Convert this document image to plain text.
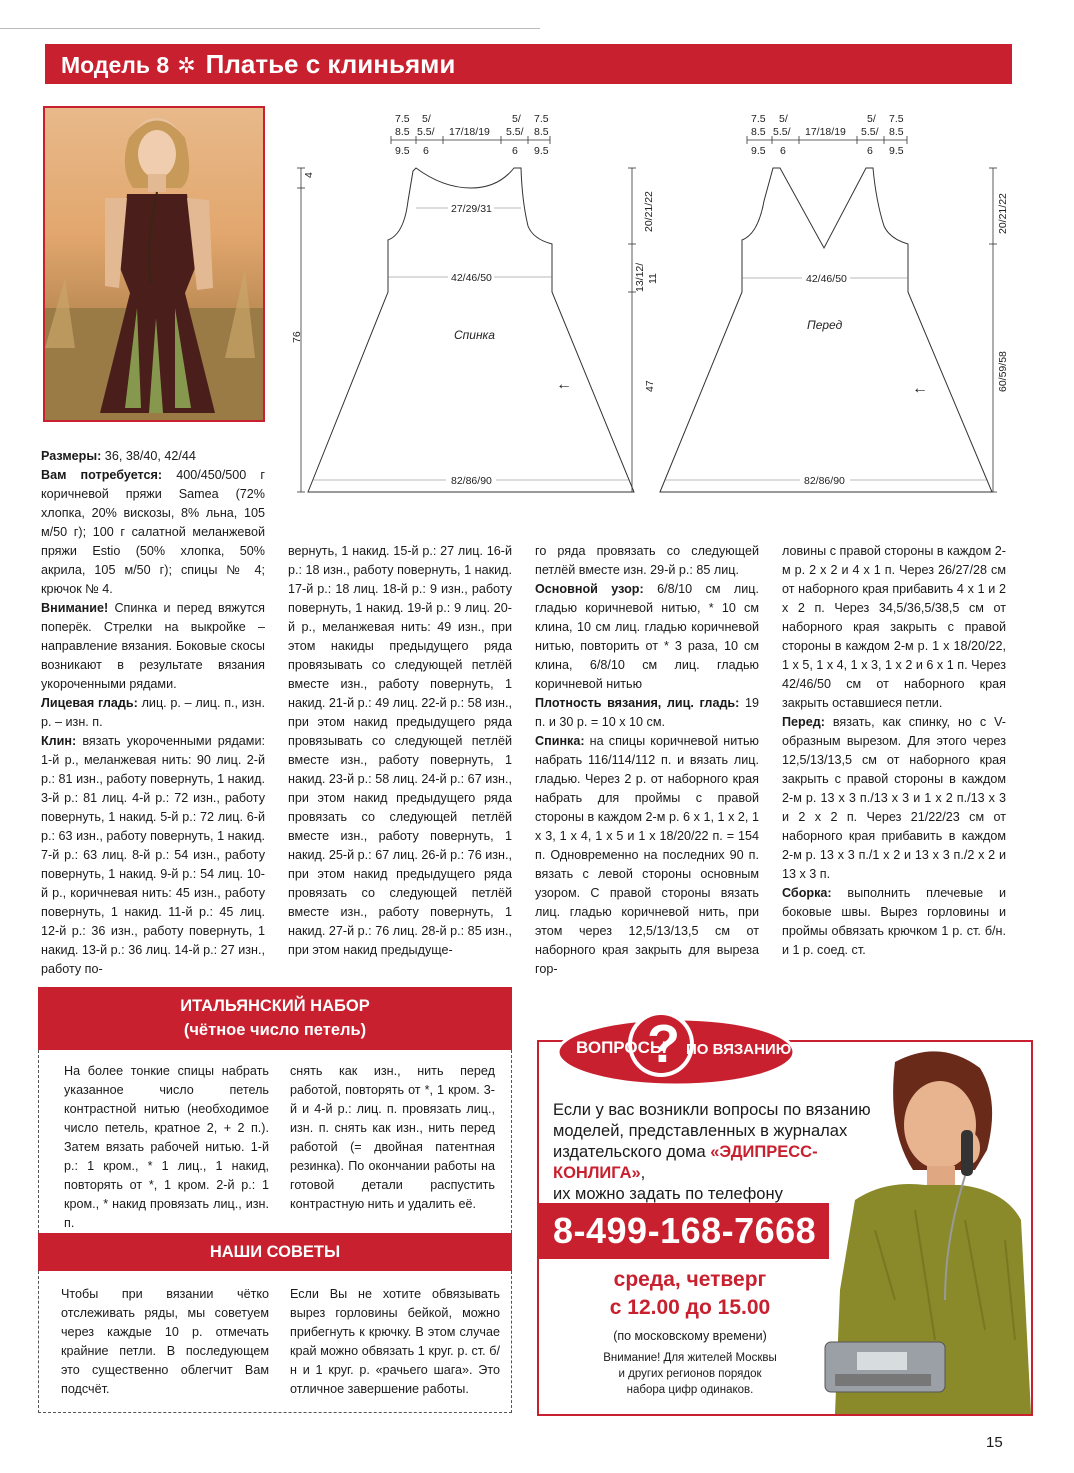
Модель 8 ✲ Платье с клиньями
7.5
8.5
9.5
5/
5.5/
6
17/18/19
5/
5.5/
6
7.5
8.5
9.5
27/29/31
42/46/50
Спинка
82/86/90
←
4
76
20/21/22
13/12/ 11
47
7.5
8.5
9.5
5/
5.5/
6
17/18/19
5/
5.5/
6
7.5
8.5
9.5
42/46/50
Перед
82/86/90
←
20/21/22
60/59/58

Размеры: 36, 38/40, 42/44

Вам потребуется: 400/450/500 г коричневой пряжи Samea (72% хлопка, 20% вискозы, 8% льна, 105 м/50 г); 100 г салатной меланжевой пряжи Estio (50% хлопка, 50% акрила, 105 м/50 г); спицы № 4; крючок № 4.

Внимание! Спинка и перед вяжутся поперёк. Стрелки на выкройке – направление вязания. Боковые скосы возникают в результате вязания укороченными рядами.

Лицевая гладь: лиц. р. – лиц. п., изн. р. – изн. п.

Клин: вязать укороченными рядами: 1-й р., меланжевая нить: 90 лиц. 2-й р.: 81 изн., работу повернуть, 1 накид. 3-й р.: 81 лиц. 4-й р.: 72 изн., работу повернуть, 1 накид. 5-й р.: 72 лиц. 6-й р.: 63 изн., работу повернуть, 1 накид. 7-й р.: 63 лиц. 8-й р.: 54 изн., работу повернуть, 1 накид. 9-й р.: 54 лиц. 10-й р., коричневая нить: 45 изн., работу повернуть, 1 накид. 11-й р.: 45 лиц. 12-й р.: 36 изн., работу повернуть, 1 накид. 13-й р.: 36 лиц. 14-й р.: 27 изн., работу по-

вернуть, 1 накид. 15-й р.: 27 лиц. 16-й р.: 18 изн., работу повернуть, 1 накид. 17-й р.: 18 лиц. 18-й р.: 9 изн., работу повернуть, 1 накид. 19-й р.: 9 лиц. 20-й р., меланжевая нить: 49 изн., при этом накиды предыдущего ряда провязывать со следующей петлёй вместе изн., работу повернуть, 1 накид. 21-й р.: 49 лиц. 22-й р.: 58 изн., при этом накид предыдущего ряда провязывать со следующей петлёй вместе изн., работу повернуть, 1 накид. 23-й р.: 58 лиц. 24-й р.: 67 изн., при этом накид предыдущего ряда провязать со следующей петлёй вместе изн., работу повернуть, 1 накид. 25-й р.: 67 лиц. 26-й р.: 76 изн., при этом накид предыдущего ряда провязать со следующей петлёй вместе изн., работу повернуть, 1 накид. 27-й р.: 76 лиц. 28-й р.: 85 изн., при этом накид предыдуще-

го ряда провязать со следующей петлёй вместе изн. 29-й р.: 85 лиц.

Основной узор: 6/8/10 см лиц. гладью коричневой нитью, * 10 см клина, 10 см лиц. гладью коричневой нитью, повторить от * 3 раза, 10 см клина, 6/8/10 см лиц. гладью коричневой нитью

Плотность вязания, лиц. гладь: 19 п. и 30 р. = 10 х 10 см.

Спинка: на спицы коричневой нитью набрать 116/114/112 п. и вязать лиц. гладью. Через 2 р. от наборного края набрать для проймы с правой стороны в каждом 2-м р. 6 х 1, 1 х 2, 1 х 3, 1 х 4, 1 х 5 и 1 х 18/20/22 п. = 154 п. Одновременно на последних 90 п. вязать с левой стороны основным узором. С правой стороны вязать лиц. гладью коричневой нить, при этом через 12,5/13/13,5 см от наборного края закрыть для выреза гор-

ловины с правой стороны в каждом 2-м р. 2 х 2 и 4 х 1 п. Через 26/27/28 см от наборного края прибавить 4 х 1 и 2 х 2 п. Через 34,5/36,5/38,5 см от наборного края закрыть с правой стороны в каждом 2-м р. 1 х 18/20/22, 1 х 5, 1 х 4, 1 х 3, 1 х 2 и 6 х 1 п. Через 42/46/50 см от наборного края закрыть оставшиеся петли.

Перед: вязать, как спинку, но с V-образным вырезом. Для этого через 12,5/13/13,5 см от наборного края закрыть с правой стороны в каждом 2-м р. 13 х 3 п./13 х 3 и 1 х 2 п./13 х 3 и 2 х 2 п. Через 21/22/23 см от наборного края прибавить в каждом 2-м р. 13 х 3 п./1 х 2 и 13 х 3 п./2 х 2 и 13 х 3 п.

Сборка: выполнить плечевые и боковые швы. Вырез горловины и проймы обвязать крючком 1 р. ст. б/н. и 1 р. соед. ст.

ИТАЛЬЯНСКИЙ НАБОР
(чётное число петель)
На более тонкие спицы набрать указанное число петель контрастной нитью (необходимое число петель, кратное 2, + 2 п.). Затем вязать рабочей нитью. 1-й р.: 1 кром., * 1 лиц., 1 накид, повторять от *, 1 кром. 2-й р.: 1 кром., * накид провязать лиц., изн. п.
снять как изн., нить перед работой, повторять от *, 1 кром. 3-й и 4-й р.: лиц. п. провязать лиц., изн. п. снять как изн., нить перед работой (= двойная патентная резинка). По окончании работы на готовой детали распустить контрастную нить и удалить её.
НАШИ СОВЕТЫ
Чтобы при вязании чётко отслеживать ряды, мы советуем через каждые 10 р. отмечать крайние петли. В последующем это существенно облегчит Вам подсчёт.
Если Вы не хотите обвязывать вырез горловины бейкой, можно прибегнуть к крючку. В этом случае край можно обвязать 1 круг. р. ст. б/н и 1 круг. р. «рачьего шага». Это отличное завершение работы.
ВОПРОСЫ
? ПО ВЯЗАНИЮ
Если у вас возникли вопросы по вязанию
моделей, представленных в журналах
издательского дома «ЭДИПРЕСС-КОНЛИГА»,
их можно задать по телефону
8-499-168-7668
среда, четверг
с 12.00 до 15.00
(по московскому времени)
Внимание! Для жителей Москвы
и других регионов порядок
набора цифр одинаков.
15
